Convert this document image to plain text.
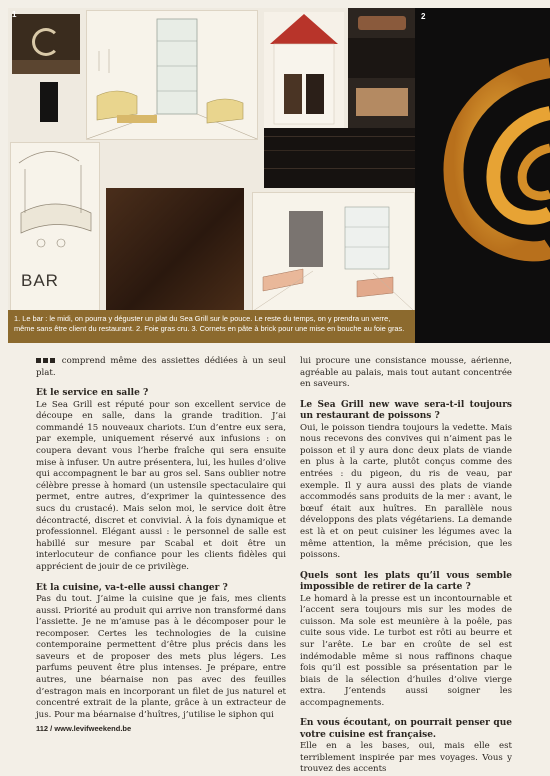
BAR
1	2
1. Le bar : le midi, on pourra y déguster un plat du Sea Grill sur le pouce. Le reste du temps, on y prendra un verre, même sans être client du restaurant. 2. Foie gras cru. 3. Cornets en pâte à brick pour une mise en bouche au foie gras.

comprend même des assiettes dédiées à un seul plat.

Et le service en salle ?

Le Sea Grill est réputé pour son excellent service de découpe en salle, dans la grande tradition. J’ai commandé 15 nouveaux chariots. L’un d’entre eux sera, par exemple, uniquement réservé aux infusions : on coupera devant vous l’herbe fraîche qui sera ensuite mise à infuser. Un autre présentera, lui, les huiles d’olive qui accompagnent le bar au gros sel. Sans oublier notre célèbre presse à homard (un ustensile spectaculaire qui permet, entre autres, d’exprimer la quintessence des sucs du crustacé). Mais selon moi, le service doit être décontracté, discret et convivial. À la fois dynamique et professionnel. Elégant aussi : le personnel de salle est habillé sur mesure par Scabal et doit être un interlocuteur de confiance pour les clients fidèles qui apprécient de jouir de ce privilège.

Et la cuisine, va-t-elle aussi changer ?

Pas du tout. J’aime la cuisine que je fais, mes clients aussi. Priorité au produit qui arrive non transformé dans l’assiette. Je ne m’amuse pas à le décomposer pour le recomposer. Certes les technologies de la cuisine contemporaine permettent d’être plus précis dans les saveurs et de proposer des mets plus légers. Les parfums peuvent être plus intenses. Je prépare, entre autres, une béarnaise non pas avec des feuilles d’estragon mais en incorporant un filet de jus naturel et concentré extrait de la plante, grâce à un extracteur de jus. Pour ma béarnaise d’huîtres, j’utilise le siphon qui

lui procure une consistance mousse, aérienne, agréable au palais, mais tout autant concentrée en saveurs.

Le Sea Grill new wave sera-t-il toujours un restaurant de poissons ?

Oui, le poisson tiendra toujours la vedette. Mais nous recevons des convives qui n’aiment pas le poisson et il y aura donc deux plats de viande en plus à la carte, plutôt conçus comme des entrées : du pigeon, du ris de veau, par exemple. Il y aura aussi des plats de viande accommodés sans produits de la mer : avant, le bœuf était aux huîtres. En parallèle nous développons des plats végétariens. La demande est là et on peut cuisiner les légumes avec la même attention, la même précision, que les poissons.

Quels sont les plats qu’il vous semble impossible de retirer de la carte ?

Le homard à la presse est un incontournable et l’accent sera toujours mis sur les modes de cuisson. Ma sole est meunière à la poêle, pas cuite sous vide. Le turbot est rôti au beurre et sur l’arête. Le bar en croûte de sel est indémodable même si nous raffinons chaque fois qu’il est possible sa présentation par le biais de la sélection d’huiles d’olive vierge extra. J’entends aussi soigner les accompagnements.

En vous écoutant, on pourrait penser que votre cuisine est française.

Elle en a les bases, oui, mais elle est terriblement inspirée par mes voyages. Vous y trouvez des accents

112 / www.levifweekend.be
